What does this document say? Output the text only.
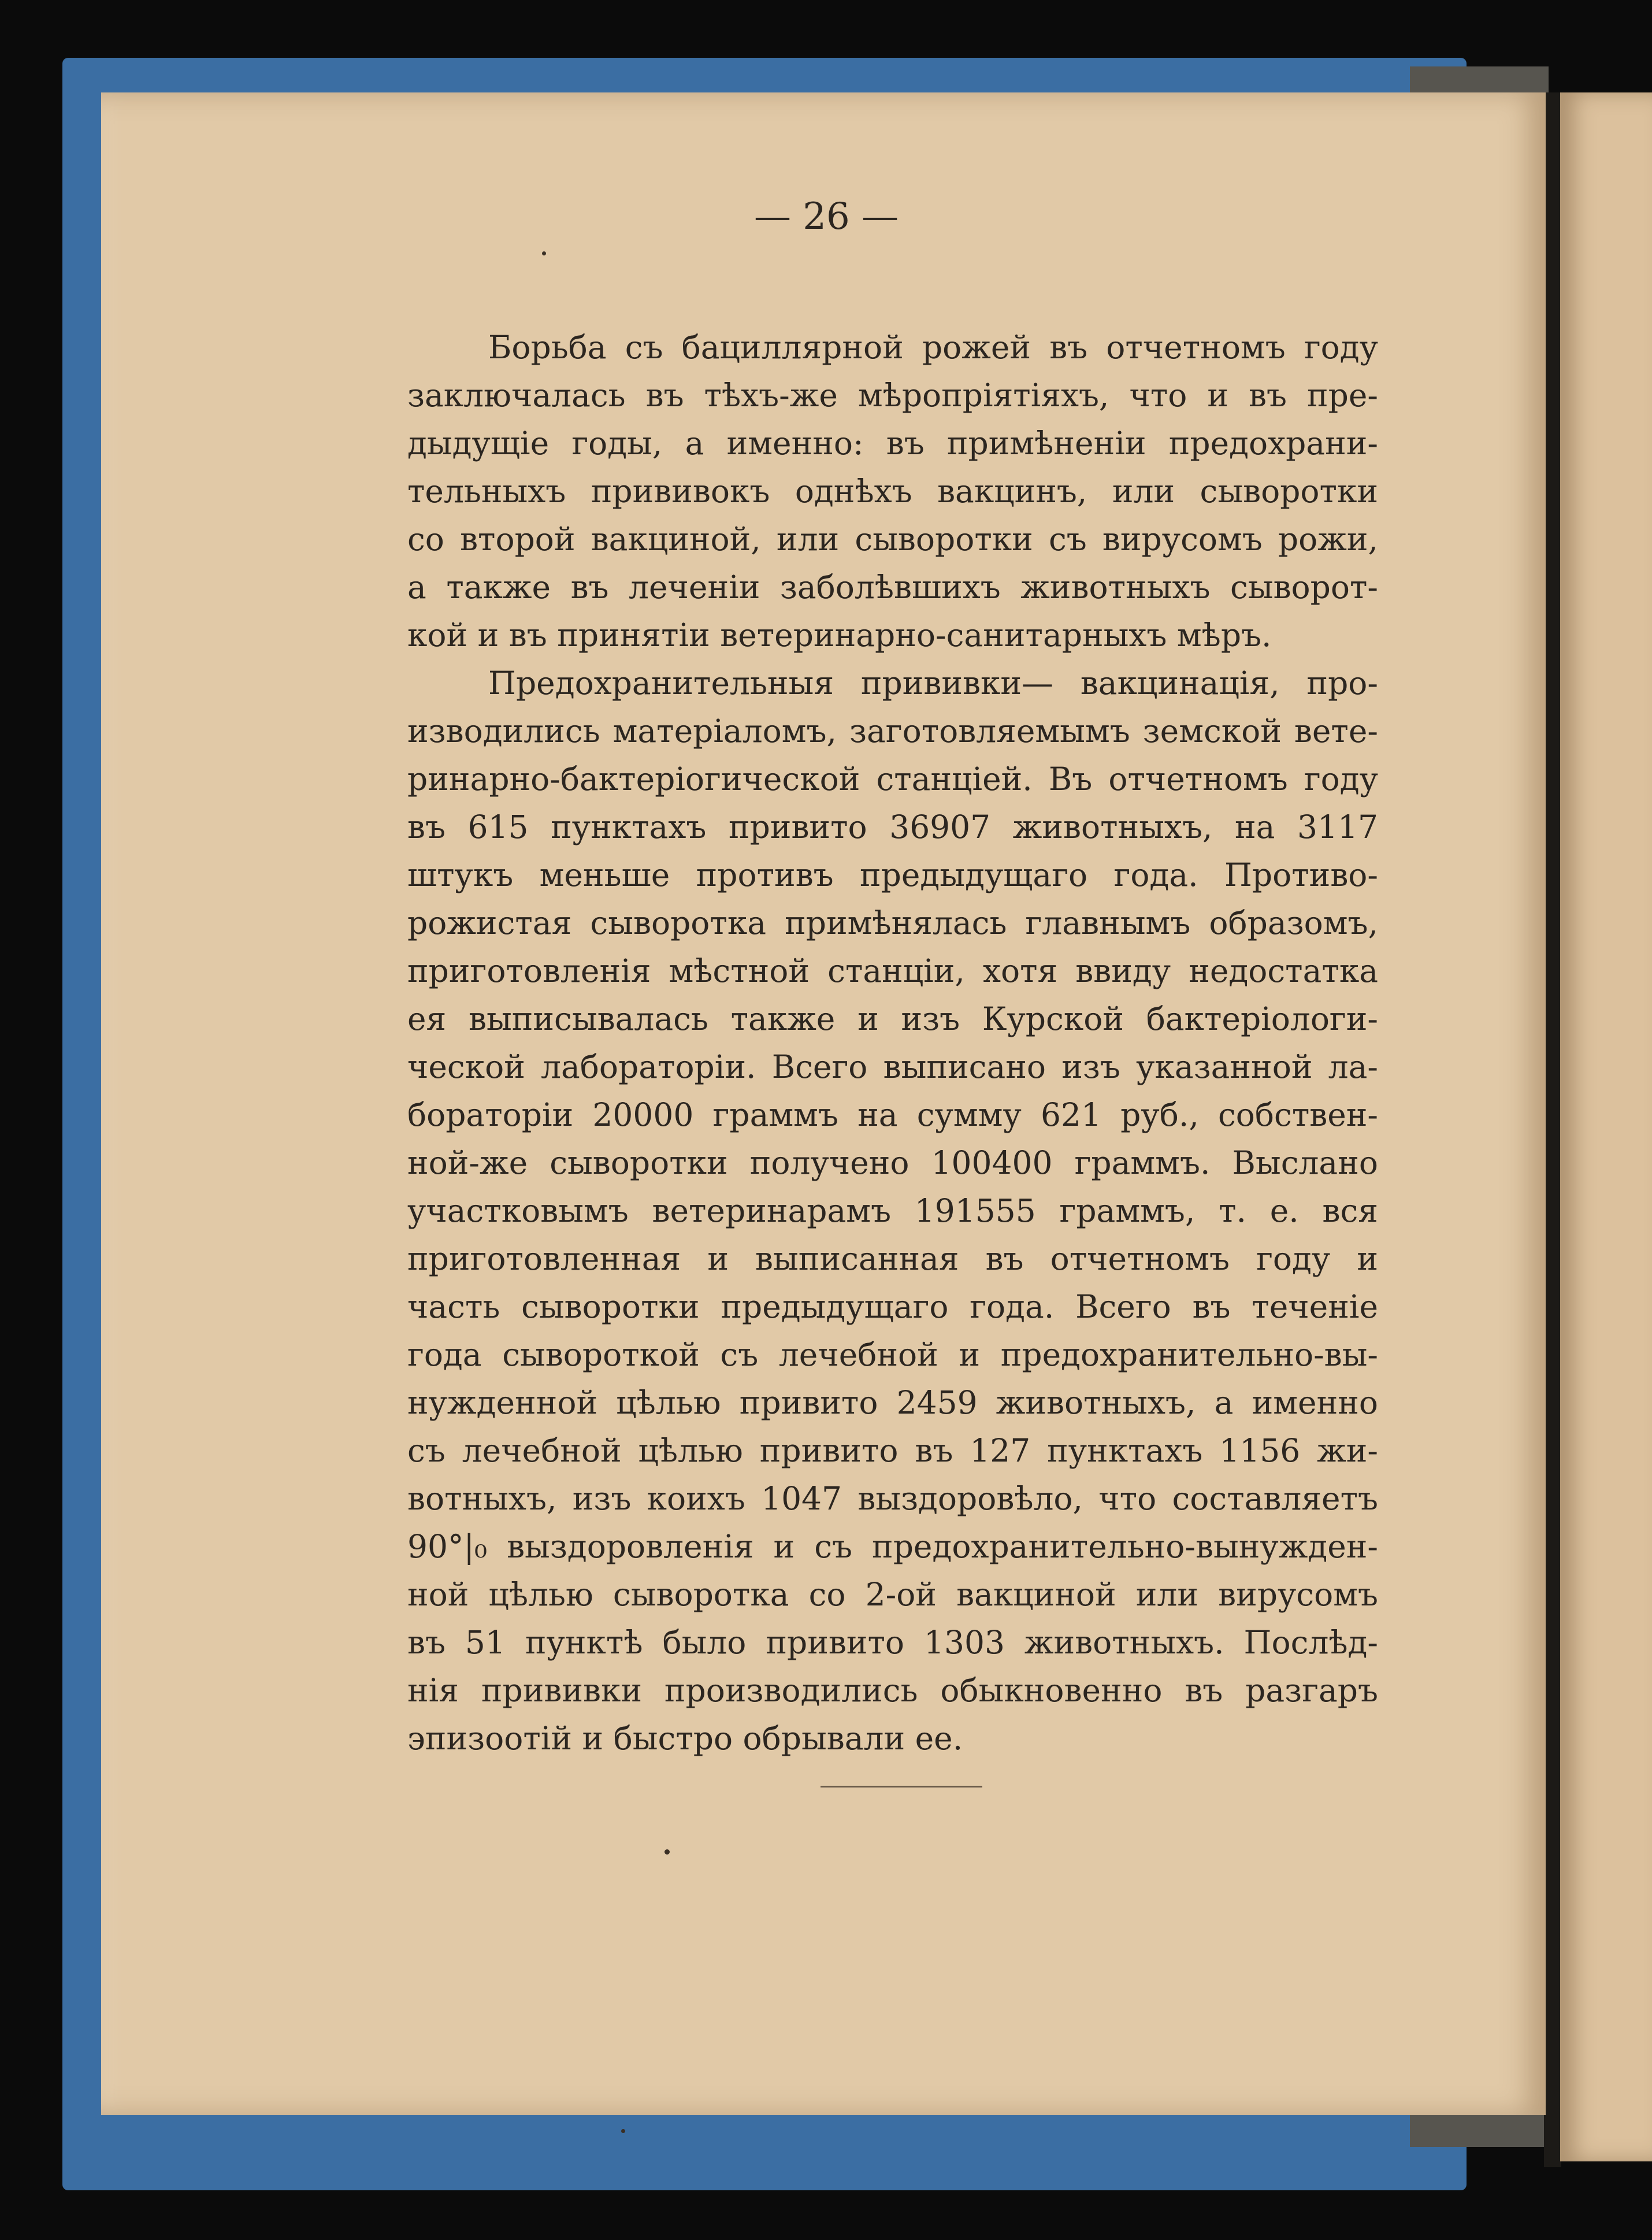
— 26 —
Борьба съ бациллярной рожей въ отчетномъ году
заключалась въ тѣхъ-же мѣропріятіяхъ, что и въ пре-
дыдущіе годы, а именно: въ примѣненіи предохрани-
тельныхъ прививокъ однѣхъ вакцинъ, или сыворотки
со второй вакциной, или сыворотки съ вирусомъ рожи,
а также въ леченіи заболѣвшихъ животныхъ сыворот-
кой и въ принятіи ветеринарно-санитарныхъ мѣръ.
Предохранительныя прививки— вакцинація, про-
изводились матеріаломъ, заготовляемымъ земской вете-
ринарно-бактеріогической станціей. Въ отчетномъ году
въ 615 пунктахъ привито 36907 животныхъ, на 3117
штукъ меньше противъ предыдущаго года. Противо-
рожистая сыворотка примѣнялась главнымъ образомъ,
приготовленія мѣстной станціи, хотя ввиду недостатка
ея выписывалась также и изъ Курской бактеріологи-
ческой лабораторіи. Всего выписано изъ указанной ла-
бораторіи 20000 граммъ на сумму 621 руб., собствен-
ной-же сыворотки получено 100400 граммъ. Выслано
участковымъ ветеринарамъ 191555 граммъ, т. е. вся
приготовленная и выписанная въ отчетномъ году и
часть сыворотки предыдущаго года. Всего въ теченіе
года сывороткой съ лечебной и предохранительно-вы-
нужденной цѣлью привито 2459 животныхъ, а именно
съ лечебной цѣлью привито въ 127 пунктахъ 1156 жи-
вотныхъ, изъ коихъ 1047 выздоровѣло, что составляетъ
90°|₀ выздоровленія и съ предохранительно-вынужден-
ной цѣлью сыворотка со 2-ой вакциной или вирусомъ
въ 51 пунктѣ было привито 1303 животныхъ. Послѣд-
нія прививки производились обыкновенно въ разгаръ
эпизоотій и быстро обрывали ее.
